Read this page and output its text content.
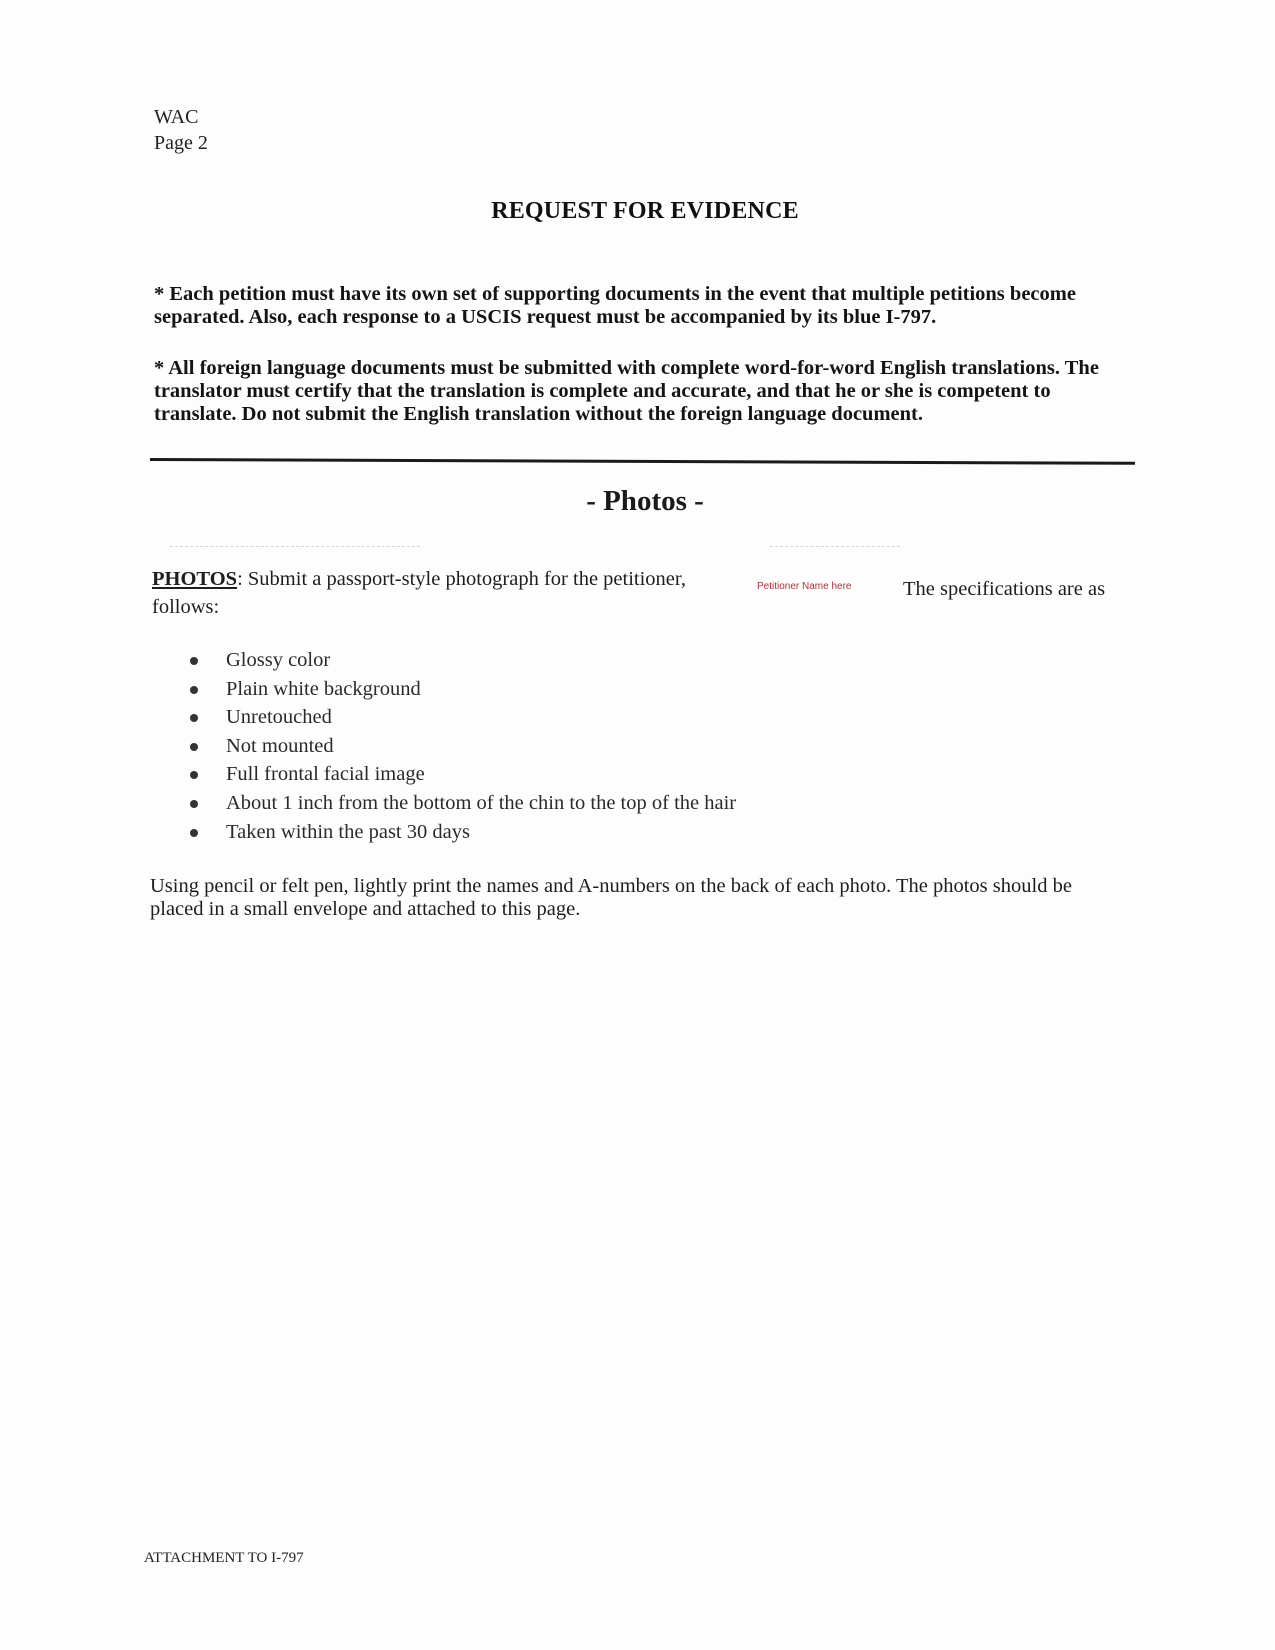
WAC
Page 2
REQUEST FOR EVIDENCE
* Each petition must have its own set of supporting documents in the event that multiple petitions become separated. Also, each response to a USCIS request must be accompanied by its blue I-797.
* All foreign language documents must be submitted with complete word-for-word English translations. The translator must certify that the translation is complete and accurate, and that he or she is competent to translate. Do not submit the English translation without the foreign language document.
- Photos -
PHOTOS: Submit a passport-style photograph for the petitioner,	Petitioner Name here	The specifications are as
follows:
Glossy color
Plain white background
Unretouched
Not mounted
Full frontal facial image
About 1 inch from the bottom of the chin to the top of the hair
Taken within the past 30 days
Using pencil or felt pen, lightly print the names and A-numbers on the back of each photo. The photos should be placed in a small envelope and attached to this page.
ATTACHMENT TO I-797
